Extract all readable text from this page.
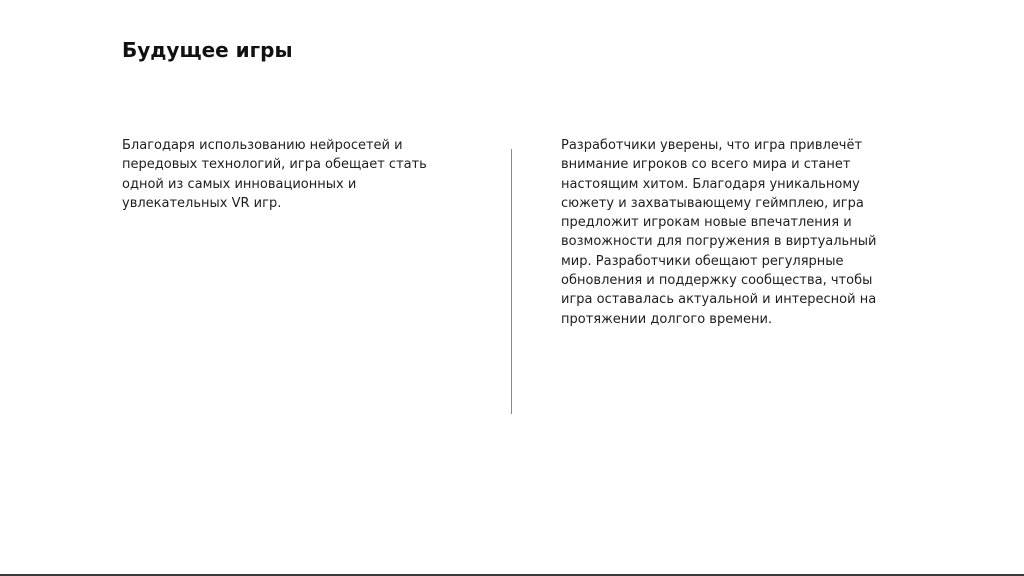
Будущее игры

Благодаря использованию нейросетей и
передовых технологий, игра обещает стать
одной из самых инновационных и
увлекательных VR игр.

Разработчики уверены, что игра привлечёт
внимание игроков со всего мира и станет
настоящим хитом. Благодаря уникальному
сюжету и захватывающему геймплею, игра
предложит игрокам новые впечатления и
возможности для погружения в виртуальный
мир. Разработчики обещают регулярные
обновления и поддержку сообщества, чтобы
игра оставалась актуальной и интересной на
протяжении долгого времени.
